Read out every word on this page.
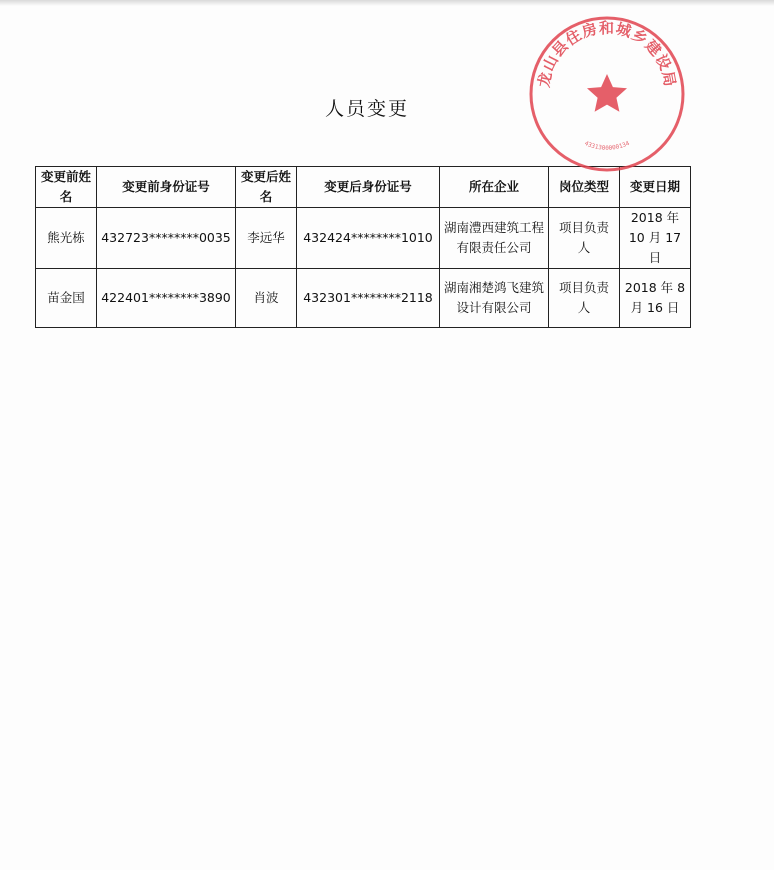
人员变更
变更前姓名	变更前身份证号	变更后姓名	变更后身份证号	所在企业	岗位类型	变更日期
熊光栋	432723********0035	李远华	432424********1010	湖南澧西建筑工程有限责任公司	项目负责人	2018 年 10 月 17 日
苗金国	422401********3890	肖波	432301********2118	湖南湘楚鸿飞建筑设计有限公司	项目负责人	2018 年 8 月 16 日
龙山县住房和城乡建设局
4331300000134
